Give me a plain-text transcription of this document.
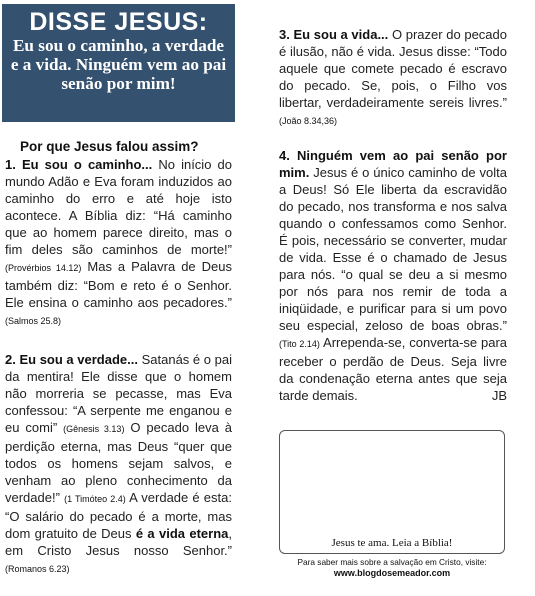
DISSE JESUS:
Eu sou o caminho, a verdade
e a vida. Ninguém vem ao pai senão por mim!
Por que Jesus falou assim?
1. Eu sou o caminho... No início do mundo Adão e Eva foram induzidos ao caminho do erro e até hoje isto acontece. A Bíblia diz: “Há caminho que ao homem parece direito, mas o fim deles são caminhos de morte!” (Provérbios 14.12) Mas a Palavra de Deus também diz: “Bom e reto é o Senhor. Ele ensina o caminho aos pecadores.” (Salmos 25.8)
2. Eu sou a verdade... Satanás é o pai da mentira! Ele disse que o homem não morreria se pecasse, mas Eva confessou: “A serpente me enganou e eu comi” (Gênesis 3.13) O pecado leva à perdição eterna, mas Deus “quer que todos os homens sejam salvos, e venham ao pleno conhecimento da verdade!” (1 Timóteo 2.4) A verdade é esta: “O salário do pecado é a morte, mas dom gratuito de Deus é a vida eterna, em Cristo Jesus nosso Senhor.” (Romanos 6.23)
3. Eu sou a vida... O prazer do pecado é ilusão, não é vida. Jesus disse: “Todo aquele que comete pecado é escravo do pecado. Se, pois, o Filho vos libertar, verdadeiramente sereis livres.” (João 8.34,36)
4. Ninguém vem ao pai senão por mim. Jesus é o único caminho de volta a Deus! Só Ele liberta da escravidão do pecado, nos transforma e nos salva quando o confessamos como Senhor. É pois, necessário se converter, mudar de vida. Esse é o chamado de Jesus para nós. “o qual se deu a si mesmo por nós para nos remir de toda a iniqüidade, e purificar para si um povo seu especial, zeloso de boas obras.” (Tito 2.14) Arrependa-se, converta-se para receber o perdão de Deus. Seja livre da condenação eterna antes que seja tarde demais.	JB
Jesus te ama. Leia a Bíblia!
Para saber mais sobre a salvação em Cristo, visite:
www.blogdosemeador.com
